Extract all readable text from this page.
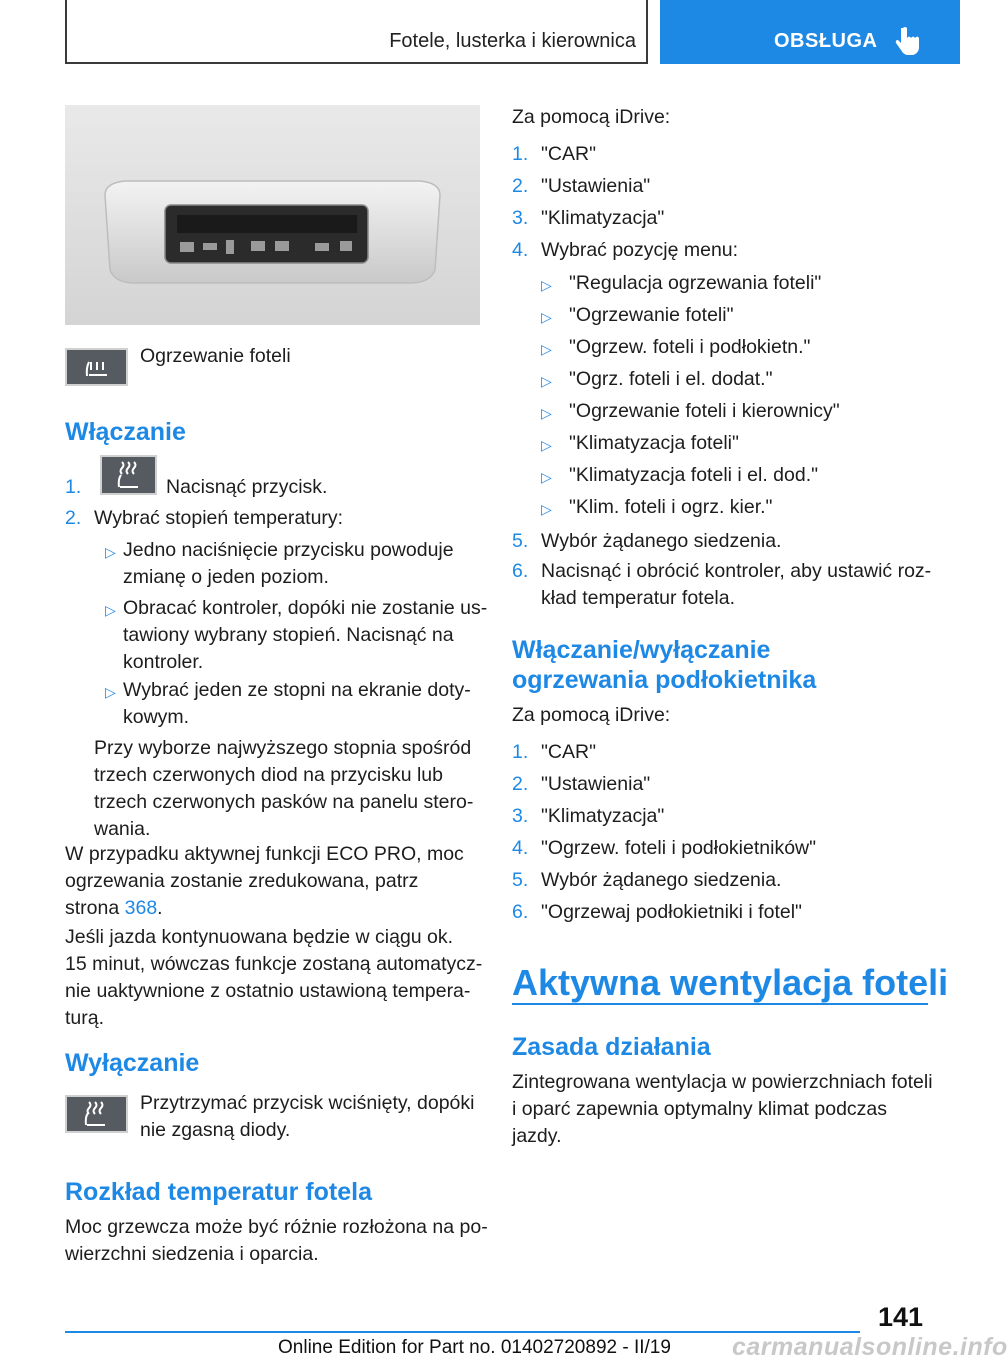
Fotele, lusterka i kierownica	OBSŁUGA
Ogrzewanie foteli
Włączanie
1.	Nacisnąć przycisk.
2. Wybrać stopień temperatury:
▷ Jedno naciśnięcie przycisku powoduje
zmianę o jeden poziom.
▷ Obracać kontroler, dopóki nie zostanie us-
tawiony wybrany stopień. Nacisnąć na
kontroler.
▷ Wybrać jeden ze stopni na ekranie doty-
kowym.
Przy wyborze najwyższego stopnia spośród
trzech czerwonych diod na przycisku lub
trzech czerwonych pasków na panelu stero-
wania.
W przypadku aktywnej funkcji ECO PRO, moc
ogrzewania zostanie zredukowana, patrz
strona 368.
Jeśli jazda kontynuowana będzie w ciągu ok.
15 minut, wówczas funkcje zostaną automatycz-
nie uaktywnione z ostatnio ustawioną tempera-
turą.
Wyłączanie
Przytrzymać przycisk wciśnięty, dopóki
nie zgasną diody.
Rozkład temperatur fotela
Moc grzewcza może być różnie rozłożona na po-
wierzchni siedzenia i oparcia.
Za pomocą iDrive:
1. "CAR"
2. "Ustawienia"
3. "Klimatyzacja"
4. Wybrać pozycję menu:
▷ "Regulacja ogrzewania foteli"
▷ "Ogrzewanie foteli"
▷ "Ogrzew. foteli i podłokietn."
▷ "Ogrz. foteli i el. dodat."
▷ "Ogrzewanie foteli i kierownicy"
▷ "Klimatyzacja foteli"
▷ "Klimatyzacja foteli i el. dod."
▷ "Klim. foteli i ogrz. kier."
5. Wybór żądanego siedzenia.
6. Nacisnąć i obrócić kontroler, aby ustawić roz-
kład temperatur fotela.
Włączanie/wyłączanie
ogrzewania podłokietnika
Za pomocą iDrive:
1. "CAR"
2. "Ustawienia"
3. "Klimatyzacja"
4. "Ogrzew. foteli i podłokietników"
5. Wybór żądanego siedzenia.
6. "Ogrzewaj podłokietniki i fotel"
Aktywna wentylacja foteli
Zasada działania
Zintegrowana wentylacja w powierzchniach foteli
i oparć zapewnia optymalny klimat podczas
jazdy.
141
Online Edition for Part no. 01402720892 - II/19 carmanualsonline.info
